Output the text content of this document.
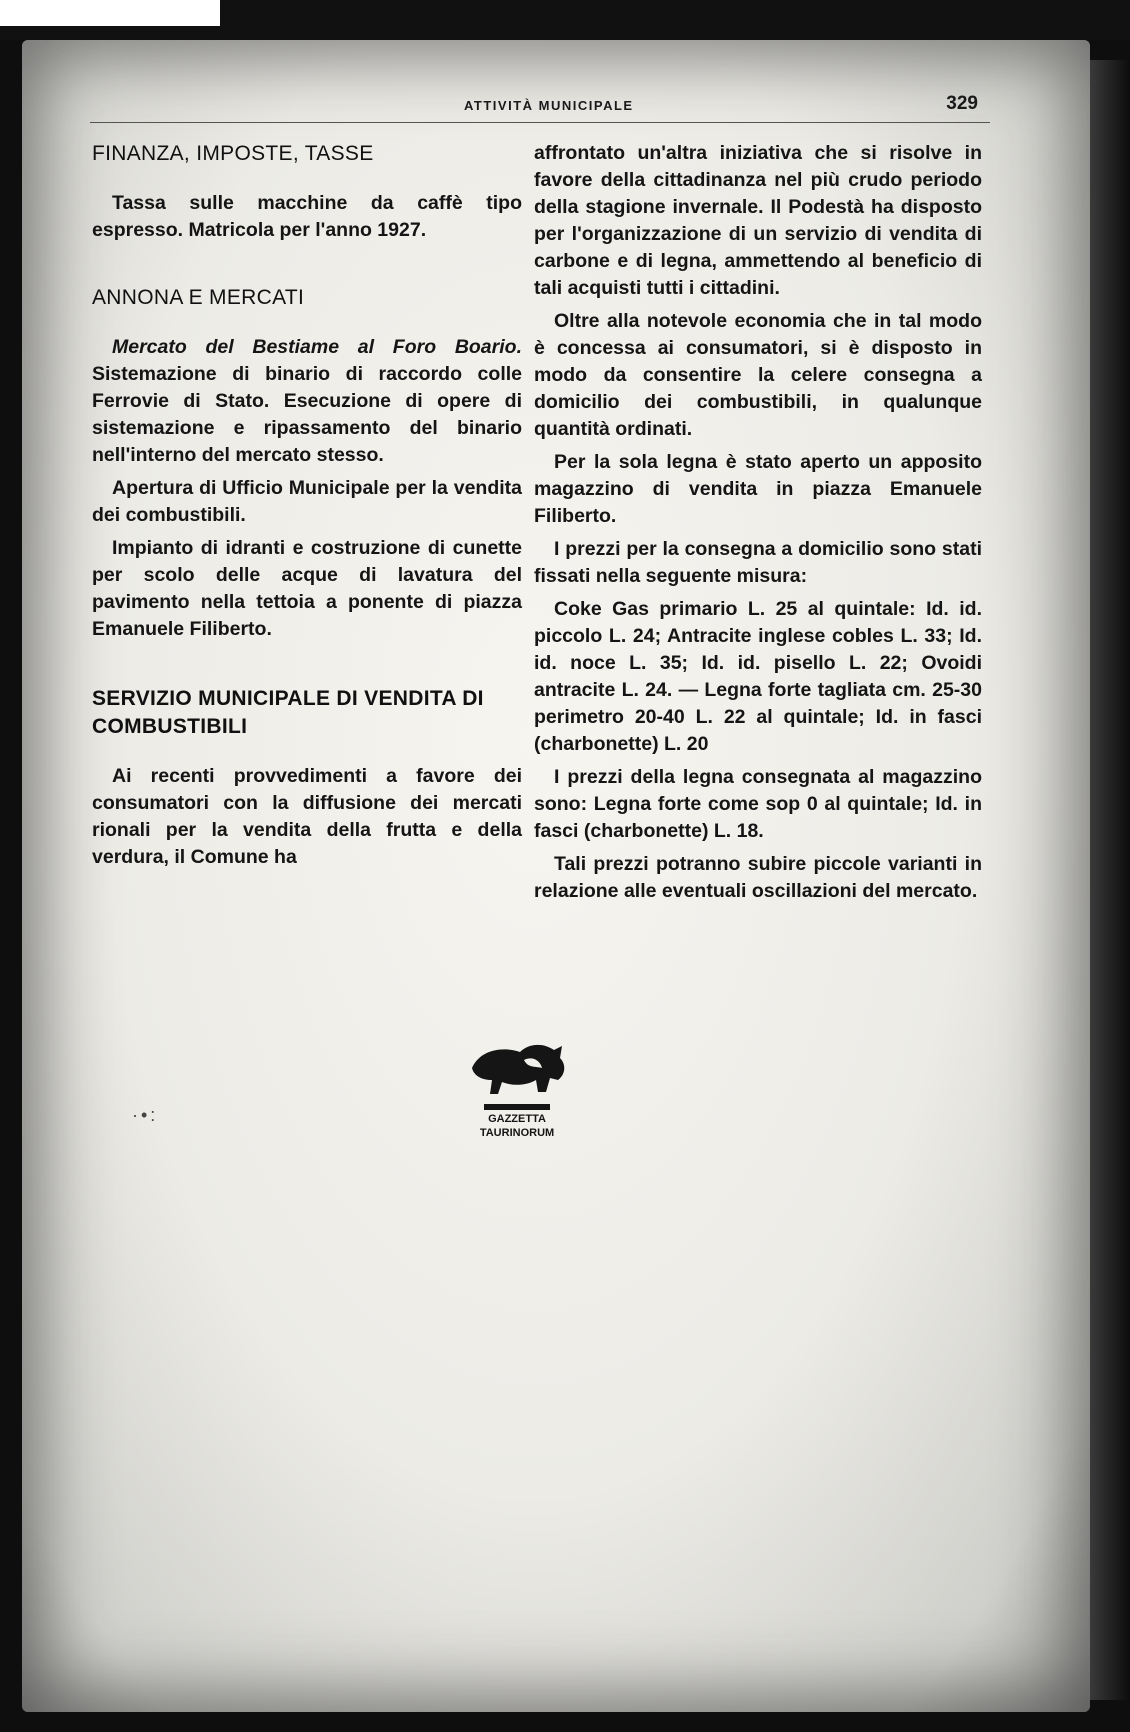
ATTIVITÀ MUNICIPALE	329
FINANZA, IMPOSTE, TASSE

Tassa sulle macchine da caffè tipo espresso. Matricola per l'anno 1927.

ANNONA E MERCATI

Mercato del Bestiame al Foro Boario. Sistemazione di binario di raccordo colle Ferrovie di Stato. Esecuzione di opere di sistemazione e ripassamento del binario nell'interno del mercato stesso.

Apertura di Ufficio Municipale per la vendita dei combustibili.

Impianto di idranti e costruzione di cunette per scolo delle acque di lavatura del pavimento nella tettoia a ponente di piazza Emanuele Filiberto.

SERVIZIO MUNICIPALE DI VENDITA DI COMBUSTIBILI

Ai recenti provvedimenti a favore dei consumatori con la diffusione dei mercati rionali per la vendita della frutta e della verdura, il Comune ha

affrontato un'altra iniziativa che si risolve in favore della cittadinanza nel più crudo periodo della stagione invernale. Il Podestà ha disposto per l'organizzazione di un servizio di vendita di carbone e di legna, ammettendo al beneficio di tali acquisti tutti i cittadini.

Oltre alla notevole economia che in tal modo è concessa ai consumatori, si è disposto in modo da consentire la celere consegna a domicilio dei combustibili, in qualunque quantità ordinati.

Per la sola legna è stato aperto un apposito magazzino di vendita in piazza Emanuele Filiberto.

I prezzi per la consegna a domicilio sono stati fissati nella seguente misura:

Coke Gas primario L. 25 al quintale: Id. id. piccolo L. 24; Antracite inglese cobles L. 33; Id. id. noce L. 35; Id. id. pisello L. 22; Ovoidi antracite L. 24. — Legna forte tagliata cm. 25-30 perimetro 20-40 L. 22 al quintale; Id. in fasci (charbonette) L. 20

I prezzi della legna consegnata al magazzino sono: Legna forte come sop 0 al quintale; Id. in fasci (charbonette) L. 18.

Tali prezzi potranno subire piccole varianti in relazione alle eventuali oscillazioni del mercato.

GAZZETTA
TAURINORUM
·•:
